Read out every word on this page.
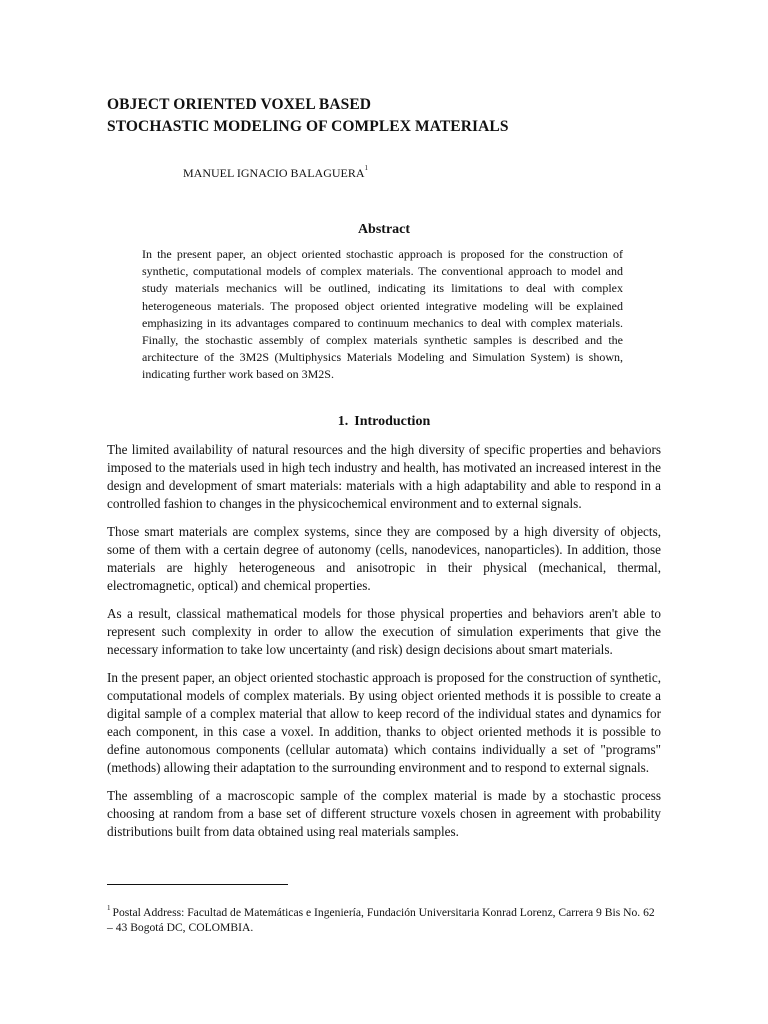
OBJECT ORIENTED VOXEL BASED
STOCHASTIC MODELING OF COMPLEX MATERIALS
MANUEL IGNACIO BALAGUERA$^1$
Abstract

In the present paper, an object oriented stochastic approach is proposed for the construction of synthetic, computational models of complex materials. The conventional approach to model and study materials mechanics will be outlined, indicating its limitations to deal with complex heterogeneous materials. The proposed object oriented integrative modeling will be explained emphasizing in its advantages compared to continuum mechanics to deal with complex materials. Finally, the stochastic assembly of complex materials synthetic samples is described and the architecture of the 3M2S (Multiphysics Materials Modeling and Simulation System) is shown, indicating further work based on 3M2S.

1. Introduction

The limited availability of natural resources and the high diversity of specific properties and behaviors imposed to the materials used in high tech industry and health, has motivated an increased interest in the design and development of smart materials: materials with a high adaptability and able to respond in a controlled fashion to changes in the physicochemical environment and to external signals.

Those smart materials are complex systems, since they are composed by a high diversity of objects, some of them with a certain degree of autonomy (cells, nanodevices, nanoparticles). In addition, those materials are highly heterogeneous and anisotropic in their physical (mechanical, thermal, electromagnetic, optical) and chemical properties.

As a result, classical mathematical models for those physical properties and behaviors aren't able to represent such complexity in order to allow the execution of simulation experiments that give the necessary information to take low uncertainty (and risk) design decisions about smart materials.

In the present paper, an object oriented stochastic approach is proposed for the construction of synthetic, computational models of complex materials. By using object oriented methods it is possible to create a digital sample of a complex material that allow to keep record of the individual states and dynamics for each component, in this case a voxel. In addition, thanks to object oriented methods it is possible to define autonomous components (cellular automata) which contains individually a set of "programs" (methods) allowing their adaptation to the surrounding environment and to respond to external signals.

The assembling of a macroscopic sample of the complex material is made by a stochastic process choosing at random from a base set of different structure voxels chosen in agreement with probability distributions built from data obtained using real materials samples.

$^1$ Postal Address: Facultad de Matemáticas e Ingeniería, Fundación Universitaria Konrad Lorenz, Carrera 9 Bis No. 62 – 43 Bogotá DC, COLOMBIA.
